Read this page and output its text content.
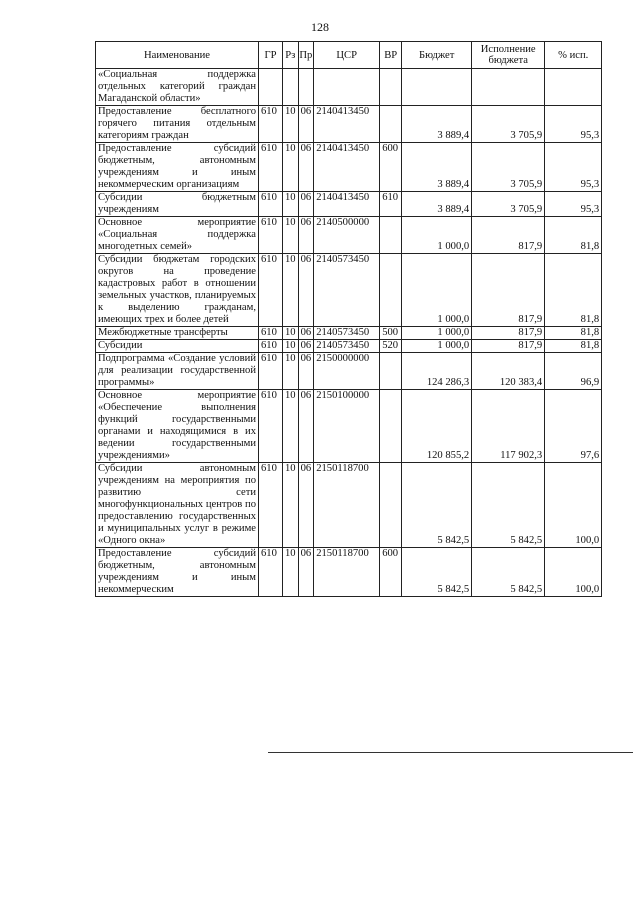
128
Наименование	ГР	Рз	Пр	ЦСР	ВР	Бюджет	Исполнение бюджета	% исп.
«Социальная поддержка отдельных категорий граждан Магаданской области»								
Предоставление бесплатного горячего питания отдельным категориям граждан	610	10	06	2140413450		3 889,4	3 705,9	95,3
Предоставление субсидий бюджетным, автономным учреждениям и иным некоммерческим организациям	610	10	06	2140413450	600	3 889,4	3 705,9	95,3
Субсидии бюджетным учреждениям	610	10	06	2140413450	610	3 889,4	3 705,9	95,3
Основное мероприятие «Социальная поддержка многодетных семей»	610	10	06	2140500000		1 000,0	817,9	81,8
Субсидии бюджетам городских округов на проведение кадастровых работ в отношении земельных участков, планируемых к выделению гражданам, имеющих трех и более детей	610	10	06	2140573450		1 000,0	817,9	81,8
Межбюджетные трансферты	610	10	06	2140573450	500	1 000,0	817,9	81,8
Субсидии	610	10	06	2140573450	520	1 000,0	817,9	81,8
Подпрограмма «Создание условий для реализации государственной программы»	610	10	06	2150000000		124 286,3	120 383,4	96,9
Основное мероприятие «Обеспечение выполнения функций государственными органами и находящимися в их ведении государственными учреждениями»	610	10	06	2150100000		120 855,2	117 902,3	97,6
Субсидии автономным учреждениям на мероприятия по развитию сети многофункциональных центров по предоставлению государственных и муниципальных услуг в режиме «Одного окна»	610	10	06	2150118700		5 842,5	5 842,5	100,0
Предоставление субсидий бюджетным, автономным учреждениям и иным некоммерческим	610	10	06	2150118700	600	5 842,5	5 842,5	100,0
